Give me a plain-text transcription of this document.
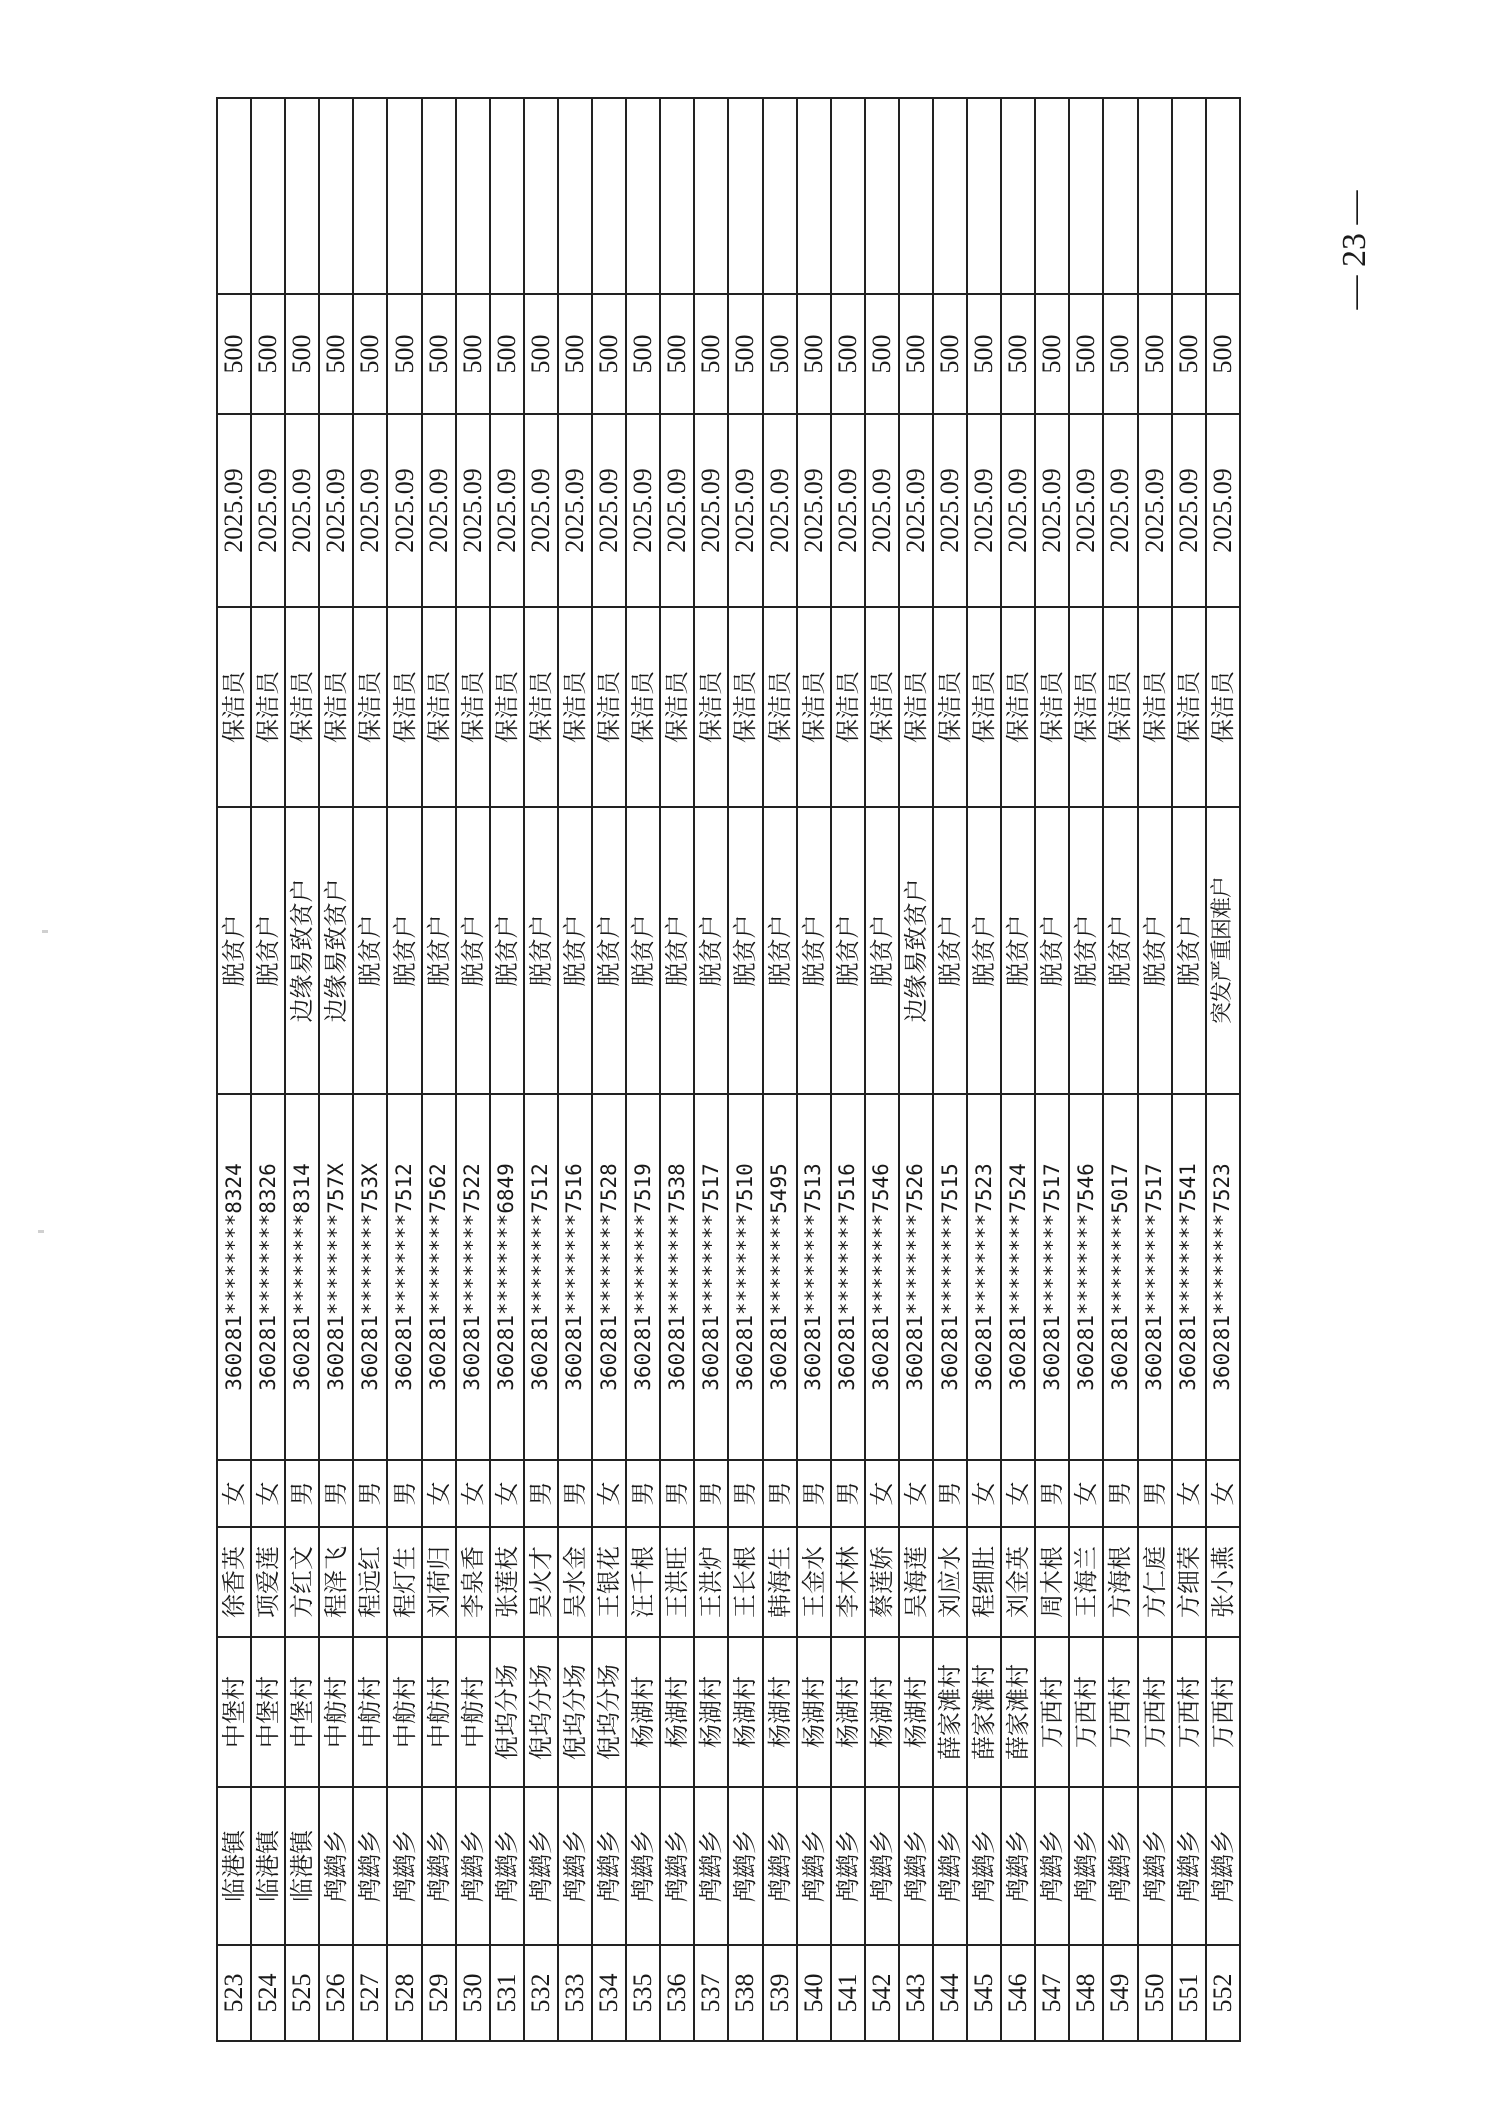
523	临港镇	中堡村	徐香英	女	360281********8324	脱贫户	保洁员	2025.09	500	
524	临港镇	中堡村	项爱莲	女	360281********8326	脱贫户	保洁员	2025.09	500	
525	临港镇	中堡村	方红文	男	360281********8314	边缘易致贫户	保洁员	2025.09	500	
526	鸬鹚乡	中舫村	程泽飞	男	360281********757X	边缘易致贫户	保洁员	2025.09	500	
527	鸬鹚乡	中舫村	程远红	男	360281********753X	脱贫户	保洁员	2025.09	500	
528	鸬鹚乡	中舫村	程灯生	男	360281********7512	脱贫户	保洁员	2025.09	500	
529	鸬鹚乡	中舫村	刘荷归	女	360281********7562	脱贫户	保洁员	2025.09	500	
530	鸬鹚乡	中舫村	李泉香	女	360281********7522	脱贫户	保洁员	2025.09	500	
531	鸬鹚乡	倪坞分场	张莲枝	女	360281********6849	脱贫户	保洁员	2025.09	500	
532	鸬鹚乡	倪坞分场	吴火才	男	360281********7512	脱贫户	保洁员	2025.09	500	
533	鸬鹚乡	倪坞分场	吴水金	男	360281********7516	脱贫户	保洁员	2025.09	500	
534	鸬鹚乡	倪坞分场	王银花	女	360281********7528	脱贫户	保洁员	2025.09	500	
535	鸬鹚乡	杨湖村	汪千根	男	360281********7519	脱贫户	保洁员	2025.09	500	
536	鸬鹚乡	杨湖村	王洪旺	男	360281********7538	脱贫户	保洁员	2025.09	500	
537	鸬鹚乡	杨湖村	王洪炉	男	360281********7517	脱贫户	保洁员	2025.09	500	
538	鸬鹚乡	杨湖村	王长根	男	360281********7510	脱贫户	保洁员	2025.09	500	
539	鸬鹚乡	杨湖村	韩海生	男	360281********5495	脱贫户	保洁员	2025.09	500	
540	鸬鹚乡	杨湖村	王金水	男	360281********7513	脱贫户	保洁员	2025.09	500	
541	鸬鹚乡	杨湖村	李木林	男	360281********7516	脱贫户	保洁员	2025.09	500	
542	鸬鹚乡	杨湖村	蔡莲娇	女	360281********7546	脱贫户	保洁员	2025.09	500	
543	鸬鹚乡	杨湖村	吴海莲	女	360281********7526	边缘易致贫户	保洁员	2025.09	500	
544	鸬鹚乡	薛家滩村	刘应水	男	360281********7515	脱贫户	保洁员	2025.09	500	
545	鸬鹚乡	薛家滩村	程细肚	女	360281********7523	脱贫户	保洁员	2025.09	500	
546	鸬鹚乡	薛家滩村	刘金英	女	360281********7524	脱贫户	保洁员	2025.09	500	
547	鸬鹚乡	万西村	周木根	男	360281********7517	脱贫户	保洁员	2025.09	500	
548	鸬鹚乡	万西村	王海兰	女	360281********7546	脱贫户	保洁员	2025.09	500	
549	鸬鹚乡	万西村	方海根	男	360281********5017	脱贫户	保洁员	2025.09	500	
550	鸬鹚乡	万西村	方仁庭	男	360281********7517	脱贫户	保洁员	2025.09	500	
551	鸬鹚乡	万西村	方细荣	女	360281********7541	脱贫户	保洁员	2025.09	500	
552	鸬鹚乡	万西村	张小燕	女	360281********7523	突发严重困难户	保洁员	2025.09	500	
— 23 —
